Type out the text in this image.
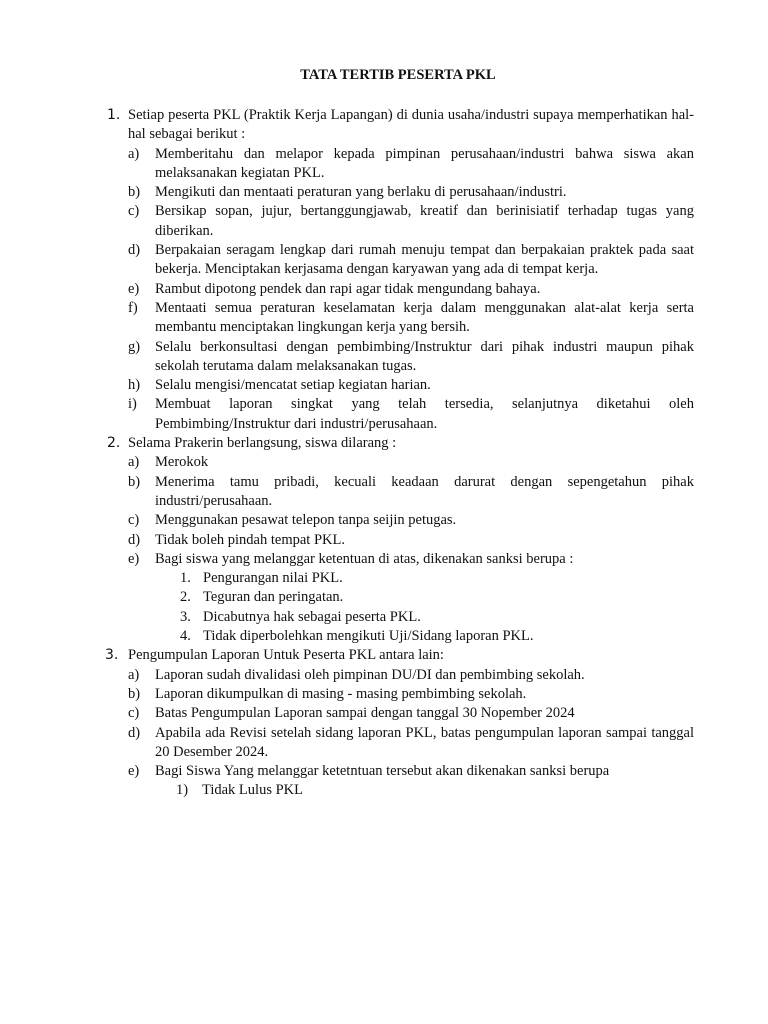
TATA TERTIB PESERTA PKL
1. Setiap peserta PKL (Praktik Kerja Lapangan) di dunia usaha/industri supaya memperhatikan hal-hal sebagai berikut :
a) Memberitahu dan melapor kepada pimpinan perusahaan/industri bahwa siswa akan melaksanakan kegiatan PKL.
b) Mengikuti dan mentaati peraturan yang berlaku di perusahaan/industri.
c) Bersikap sopan, jujur, bertanggungjawab, kreatif dan berinisiatif terhadap tugas yang diberikan.
d) Berpakaian seragam lengkap dari rumah menuju tempat dan berpakaian praktek pada saat bekerja. Menciptakan kerjasama dengan karyawan yang ada di tempat kerja.
e) Rambut dipotong pendek dan rapi agar tidak mengundang bahaya.
f) Mentaati semua peraturan keselamatan kerja dalam menggunakan alat-alat kerja serta membantu menciptakan lingkungan kerja yang bersih.
g) Selalu berkonsultasi dengan pembimbing/Instruktur dari pihak industri maupun pihak sekolah terutama dalam melaksanakan tugas.
h) Selalu mengisi/mencatat setiap kegiatan harian.
i) Membuat laporan singkat yang telah tersedia, selanjutnya diketahui oleh Pembimbing/Instruktur dari industri/perusahaan.
2. Selama Prakerin berlangsung, siswa dilarang :
a) Merokok
b) Menerima tamu pribadi, kecuali keadaan darurat dengan sepengetahun pihak industri/perusahaan.
c) Menggunakan pesawat telepon tanpa seijin petugas.
d) Tidak boleh pindah tempat PKL.
e) Bagi siswa yang melanggar ketentuan di atas, dikenakan sanksi berupa :
1. Pengurangan nilai PKL.
2. Teguran dan peringatan.
3. Dicabutnya hak sebagai peserta PKL.
4. Tidak diperbolehkan mengikuti Uji/Sidang laporan PKL.
3. Pengumpulan Laporan Untuk Peserta PKL antara lain:
a) Laporan sudah divalidasi oleh pimpinan DU/DI dan pembimbing sekolah.
b) Laporan dikumpulkan di masing - masing pembimbing sekolah.
c) Batas Pengumpulan Laporan sampai dengan tanggal 30 Nopember 2024
d) Apabila ada Revisi setelah sidang laporan PKL, batas pengumpulan laporan sampai tanggal 20 Desember 2024.
e) Bagi Siswa Yang melanggar ketetntuan tersebut akan dikenakan sanksi berupa
1) Tidak Lulus PKL
